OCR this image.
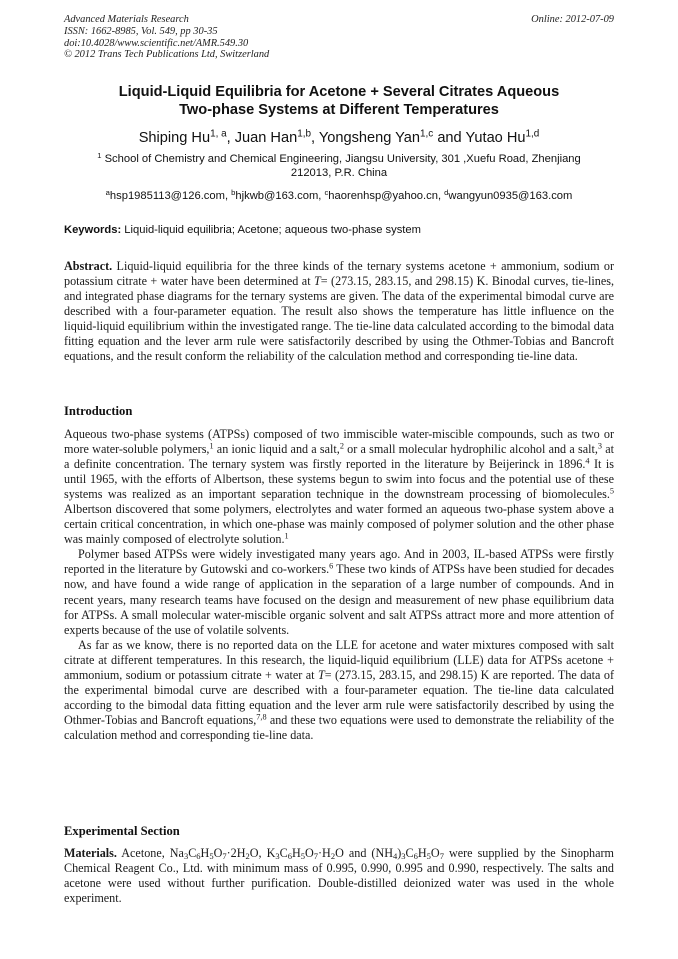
Advanced Materials Research
ISSN: 1662-8985, Vol. 549, pp 30-35
doi:10.4028/www.scientific.net/AMR.549.30
© 2012 Trans Tech Publications Ltd, Switzerland
Online: 2012-07-09
Liquid-Liquid Equilibria for Acetone + Several Citrates Aqueous
Two-phase Systems at Different Temperatures
Shiping Hu$^{1, a}$, Juan Han$^{1,b}$, Yongsheng Yan$^{1,c}$ and Yutao Hu$^{1,d}$
$^1$ School of Chemistry and Chemical Engineering, Jiangsu University, 301 ,Xuefu Road, Zhenjiang
212013, P.R. China
$^a$hsp1985113@126.com, $^b$hjkwb@163.com, $^c$haorenhsp@yahoo.cn, $^d$wangyun0935@163.com
Keywords: Liquid-liquid equilibria; Acetone; aqueous two-phase system

Abstract. Liquid-liquid equilibria for the three kinds of the ternary systems acetone + ammonium, sodium or potassium citrate + water have been determined at T= (273.15, 283.15, and 298.15) K. Binodal curves, tie-lines, and integrated phase diagrams for the ternary systems are given. The data of the experimental bimodal curve are described with a four-parameter equation. The result also shows the temperature has little influence on the liquid-liquid equilibrium within the investigated range. The tie-line data calculated according to the bimodal data fitting equation and the lever arm rule were satisfactorily described by using the Othmer-Tobias and Bancroft equations, and the result conform the reliability of the calculation method and corresponding tie-line data.

Introduction

Aqueous two-phase systems (ATPSs) composed of two immiscible water-miscible compounds, such as two or more water-soluble polymers,$^1$ an ionic liquid and a salt,$^2$ or a small molecular hydrophilic alcohol and a salt,$^3$ at a definite concentration. The ternary system was firstly reported in the literature by Beijerinck in 1896.$^4$ It is until 1965, with the efforts of Albertson, these systems begun to swim into focus and the potential use of these systems was realized as an important separation technique in the downstream processing of biomolecules.$^5$ Albertson discovered that some polymers, electrolytes and water formed an aqueous two-phase system above a certain critical concentration, in which one-phase was mainly composed of polymer solution and the other phase was mainly composed of electrolyte solution.$^1$

Polymer based ATPSs were widely investigated many years ago. And in 2003, IL-based ATPSs were firstly reported in the literature by Gutowski and co-workers.$^6$ These two kinds of ATPSs have been studied for decades now, and have found a wide range of application in the separation of a large number of compounds. And in recent years, many research teams have focused on the design and measurement of new phase equilibrium data for ATPSs. A small molecular water-miscible organic solvent and salt ATPSs attract more and more attention of experts because of the use of volatile solvents.

As far as we know, there is no reported data on the LLE for acetone and water mixtures composed with salt citrate at different temperatures. In this research, the liquid-liquid equilibrium (LLE) data for ATPSs acetone + ammonium, sodium or potassium citrate + water at T= (273.15, 283.15, and 298.15) K are reported. The data of the experimental bimodal curve are described with a four-parameter equation. The tie-line data calculated according to the bimodal data fitting equation and the lever arm rule were satisfactorily described by using the Othmer-Tobias and Bancroft equations,$^{7,8}$ and these two equations were used to demonstrate the reliability of the calculation method and corresponding tie-line data.

Experimental Section

Materials. Acetone, $Na_3C_6H_5O_7\cdot 2H_2O$, $K_3C_6H_5O_7\cdot H_2O$ and $(NH_4)_3C_6H_5O_7$ were supplied by the Sinopharm Chemical Reagent Co., Ltd. with minimum mass of 0.995, 0.990, 0.995 and 0.990, respectively. The salts and acetone were used without further purification. Double-distilled deionized water was used in the whole experiment.
